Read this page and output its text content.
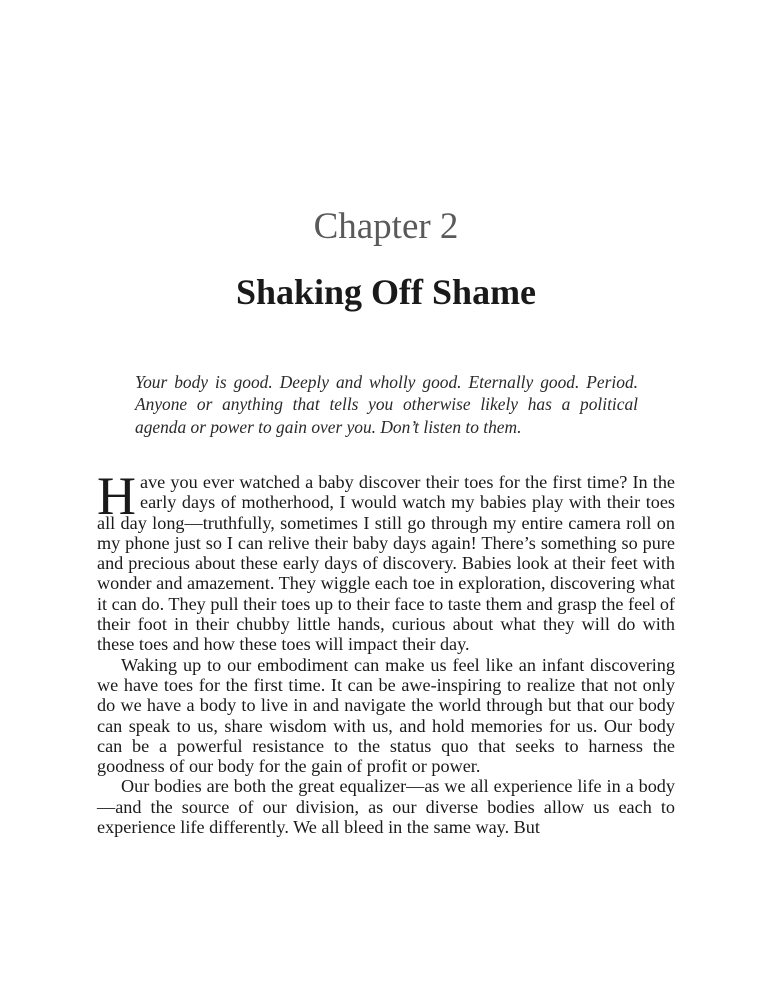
Chapter 2
Shaking Off Shame
Your body is good. Deeply and wholly good. Eternally good. Period. Anyone or anything that tells you otherwise likely has a political agenda or power to gain over you. Don’t listen to them.

Have you ever watched a baby discover their toes for the first time? In the early days of motherhood, I would watch my babies play with their toes all day long—truthfully, sometimes I still go through my entire camera roll on my phone just so I can relive their baby days again! There’s something so pure and precious about these early days of discovery. Babies look at their feet with wonder and amazement. They wiggle each toe in exploration, discovering what it can do. They pull their toes up to their face to taste them and grasp the feel of their foot in their chubby little hands, curious about what they will do with these toes and how these toes will impact their day.

Waking up to our embodiment can make us feel like an infant discovering we have toes for the first time. It can be awe-inspiring to realize that not only do we have a body to live in and navigate the world through but that our body can speak to us, share wisdom with us, and hold memories for us. Our body can be a powerful resistance to the status quo that seeks to harness the goodness of our body for the gain of profit or power.

Our bodies are both the great equalizer—as we all experience life in a body—and the source of our division, as our diverse bodies allow us each to experience life differently. We all bleed in the same way. But
